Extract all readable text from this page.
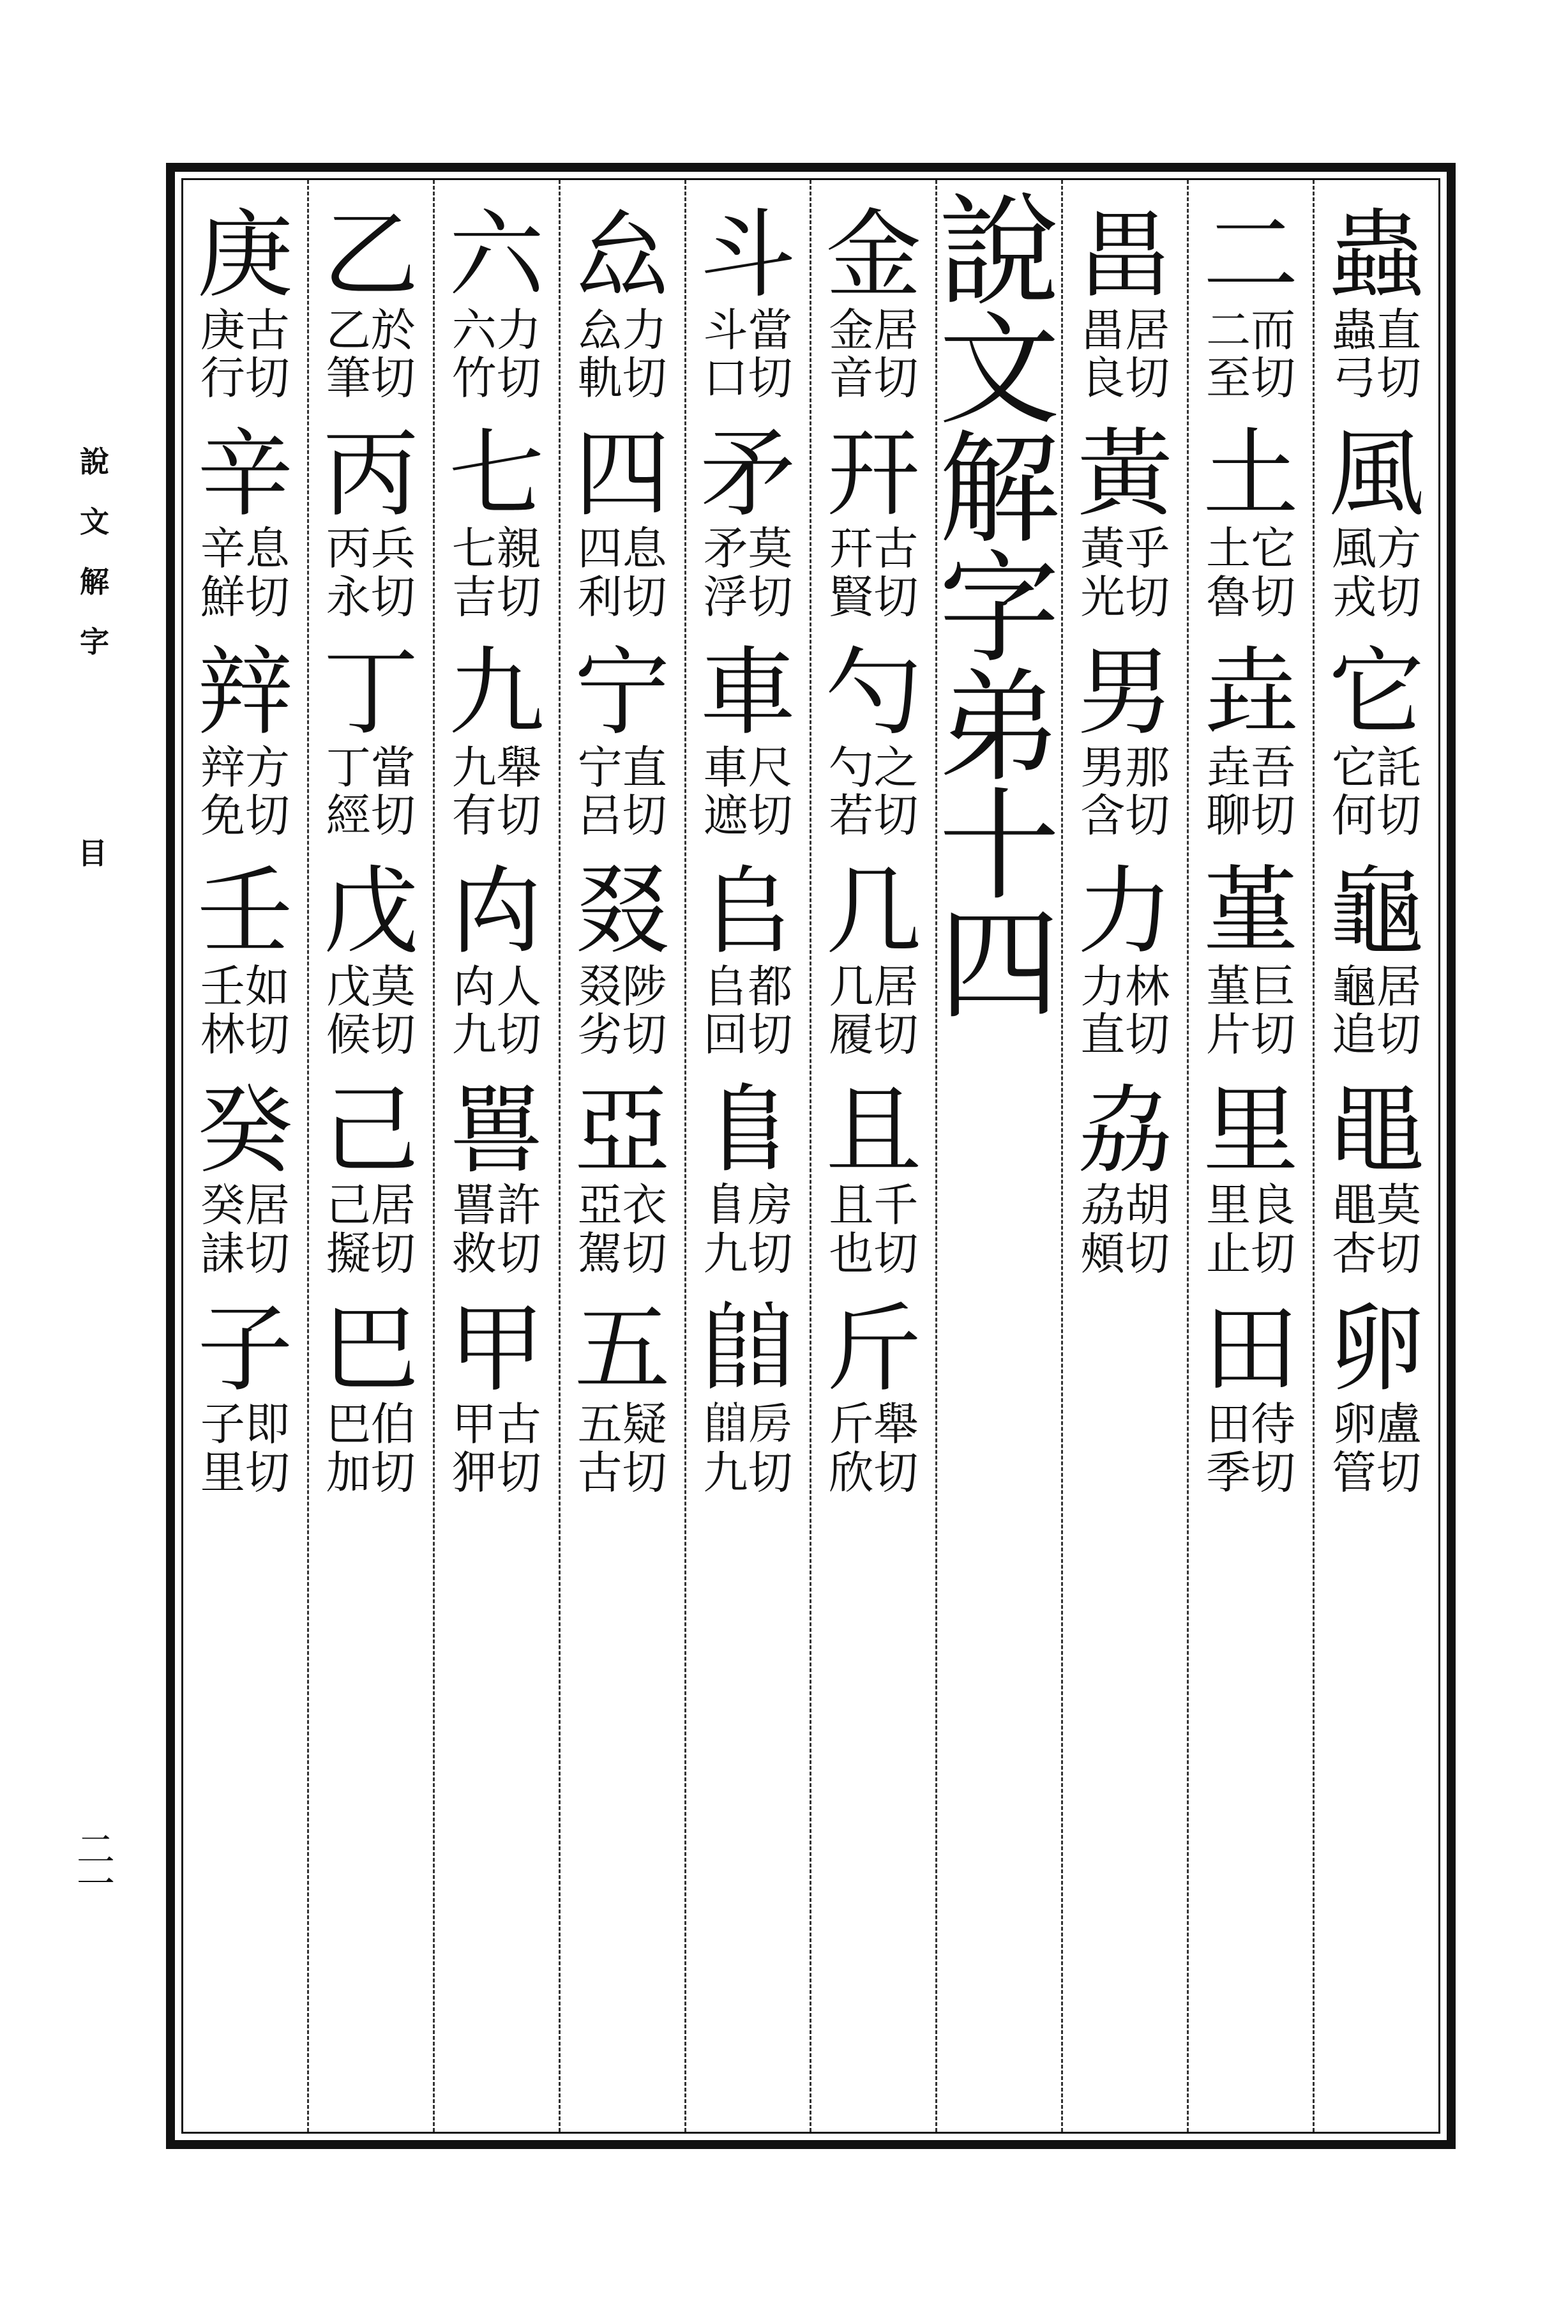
說
文
解
字
目
二
一
蟲
蟲直
弓切
風
風方
戎切
它
它託
何切
龜
龜居
追切
黽
黽莫
杏切
卵
卵盧
管切
二
二而
至切
土
土它
魯切
垚
垚吾
聊切
堇
堇巨
片切
里
里良
止切
田
田待
季切
畕
畕居
良切
黃
黃乎
光切
男
男那
含切
力
力林
直切
劦
劦胡
頰切
說
文
解
字
弟
十
四
金
金居
音切
幵
幵古
賢切
勺
勺之
若切
几
几居
履切
且
且千
也切
斤
斤舉
欣切
斗
斗當
口切
矛
矛莫
浮切
車
車尺
遮切
𠂤
𠂤都
回切
𨸏
𨸏房
九切
𨺅
𨺅房
九切
厽
厽力
軌切
四
四息
利切
宁
宁直
呂切
叕
叕陟
劣切
亞
亞衣
駕切
五
五疑
古切
六
六力
竹切
七
七親
吉切
九
九舉
有切
禸
禸人
九切
嘼
嘼許
救切
甲
甲古
狎切
乙
乙於
筆切
丙
丙兵
永切
丁
丁當
經切
戊
戊莫
候切
己
己居
擬切
巴
巴伯
加切
庚
庚古
行切
辛
辛息
鮮切
辡
辡方
免切
壬
壬如
林切
癸
癸居
誄切
子
子即
里切
